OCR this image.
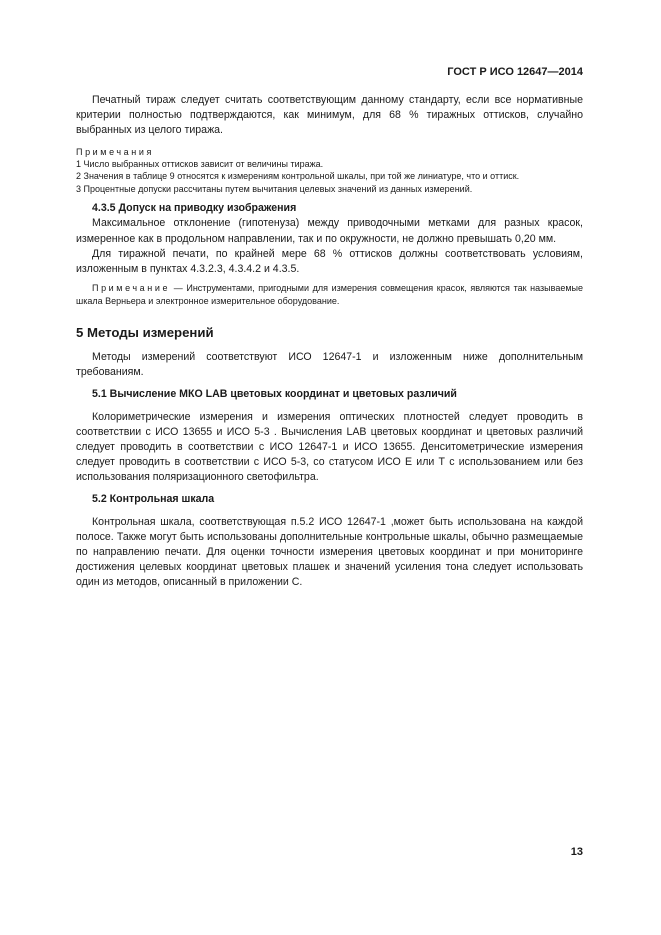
ГОСТ Р ИСО 12647—2014

Печатный тираж следует считать соответствующим данному стандарту, если все нормативные критерии полностью подтверждаются, как минимум, для 68 % тиражных оттисков, случайно выбранных из целого тиража.

Примечания

1 Число выбранных оттисков зависит от величины тиража.

2 Значения в таблице 9 относятся к измерениям контрольной шкалы, при той же линиатуре, что и оттиск.

3 Процентные допуски рассчитаны путем вычитания целевых значений из данных измерений.

4.3.5 Допуск на приводку изображения

Максимальное отклонение (гипотенуза) между приводочными метками для разных красок, измеренное как в продольном направлении, так и по окружности, не должно превышать 0,20 мм.

Для тиражной печати, по крайней мере 68 % оттисков должны соответствовать условиям, изложенным в пунктах 4.3.2.3, 4.3.4.2 и 4.3.5.

Примечание — Инструментами, пригодными для измерения совмещения красок, являются так называемые шкала Верньера и электронное измерительное оборудование.

5 Методы измерений

Методы измерений соответствуют ИСО 12647-1 и изложенным ниже дополнительным требованиям.

5.1 Вычисление МКО LAB цветовых координат и цветовых различий

Колориметрические измерения и измерения оптических плотностей следует проводить в соответствии с ИСО 13655 и ИСО 5-3 . Вычисления LAB цветовых координат и цветовых различий следует проводить в соответствии с ИСО 12647-1 и ИСО 13655. Денситометрические измерения следует проводить в соответствии с ИСО 5-3, со статусом ИСО Е или Т с использованием или без использования поляризационного светофильтра.

5.2 Контрольная шкала

Контрольная шкала, соответствующая п.5.2 ИСО 12647-1 ,может быть использована на каждой полосе. Также могут быть использованы дополнительные контрольные шкалы, обычно размещаемые по направлению печати. Для оценки точности измерения цветовых координат и при мониторинге достижения целевых координат цветовых плашек и значений усиления тона следует использовать один из методов, описанный в приложении С.

13
